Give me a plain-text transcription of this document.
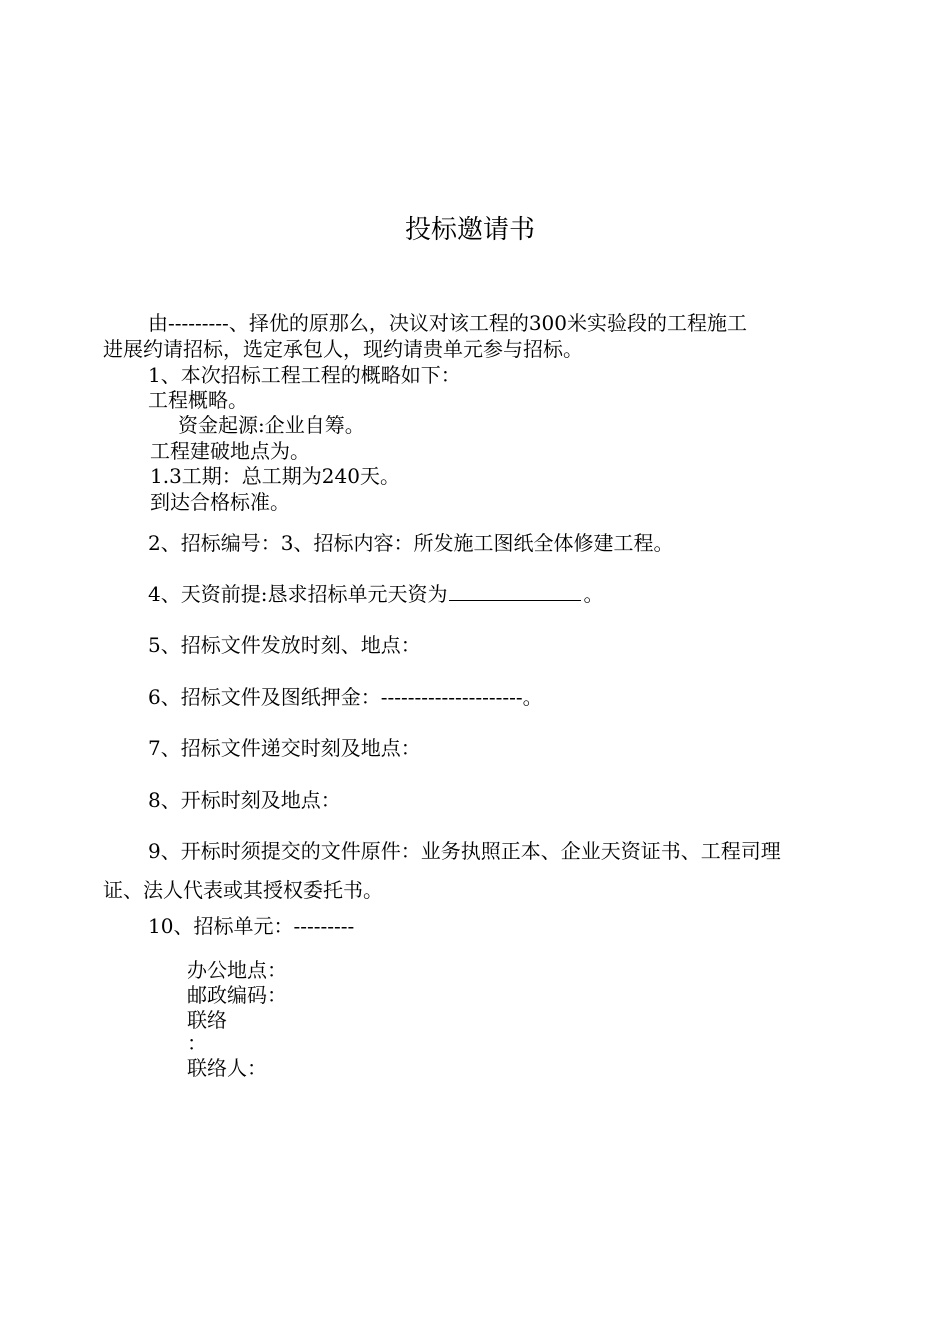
投标邀请书
由---------、择优的原那么，决议对该工程的300米实验段的工程施工
进展约请招标，选定承包人，现约请贵单元参与招标。
1、本次招标工程工程的概略如下：
工程概略。
资金起源:企业自筹。
工程建破地点为。
1.3工期：总工期为240天。
到达合格标准。
2、招标编号：3、招标内容：所发施工图纸全体修建工程。
4、天资前提:恳求招标单元天资为	。
5、招标文件发放时刻、地点：
6、招标文件及图纸押金：---------------------。
7、招标文件递交时刻及地点：
8、开标时刻及地点：
9、开标时须提交的文件原件：业务执照正本、企业天资证书、工程司理
证、法人代表或其授权委托书。
10、招标单元：---------
办公地点：
邮政编码：
联络
：
联络人：
